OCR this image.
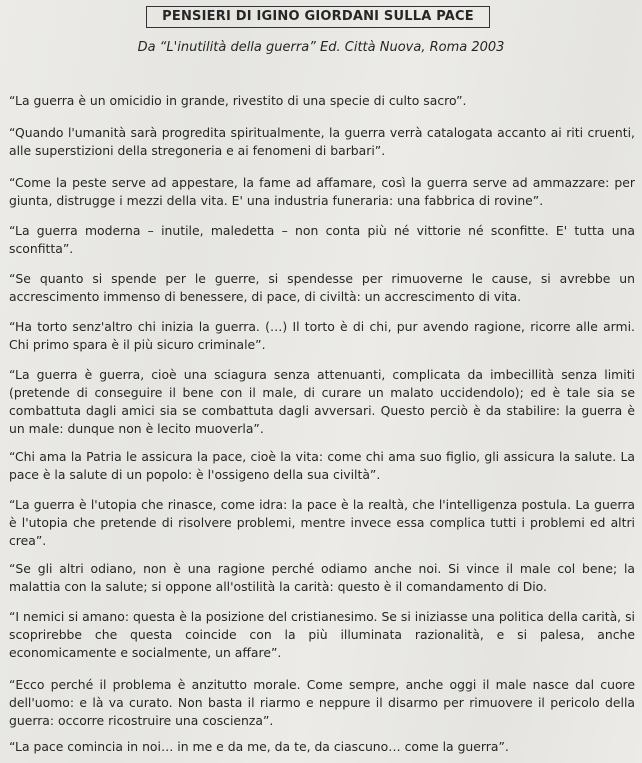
PENSIERI DI IGINO GIORDANI SULLA PACE
Da “L'inutilità della guerra” Ed. Città Nuova, Roma 2003

“La guerra è un omicidio in grande, rivestito di una specie di culto sacro”.

“Quando l'umanità sarà progredita spiritualmente, la guerra verrà catalogata accanto ai riti cruenti, alle superstizioni della stregoneria e ai fenomeni di barbari”.

“Come la peste serve ad appestare, la fame ad affamare, così la guerra serve ad ammazzare: per giunta, distrugge i mezzi della vita. E' una industria funeraria: una fabbrica di rovine”.

“La guerra moderna – inutile, maledetta – non conta più né vittorie né sconfitte. E' tutta una sconfitta”.

“Se quanto si spende per le guerre, si spendesse per rimuoverne le cause, si avrebbe un accrescimento immenso di benessere, di pace, di civiltà: un accrescimento di vita.

“Ha torto senz'altro chi inizia la guerra. (…) Il torto è di chi, pur avendo ragione, ricorre alle armi. Chi primo spara è il più sicuro criminale”.

“La guerra è guerra, cioè una sciagura senza attenuanti, complicata da imbecillità senza limiti (pretende di conseguire il bene con il male, di curare un malato uccidendolo); ed è tale sia se combattuta dagli amici sia se combattuta dagli avversari. Questo perciò è da stabilire: la guerra è un male: dunque non è lecito muoverla”.

“Chi ama la Patria le assicura la pace, cioè la vita: come chi ama suo figlio, gli assicura la salute. La pace è la salute di un popolo: è l'ossigeno della sua civiltà”.

“La guerra è l'utopia che rinasce, come idra: la pace è la realtà, che l'intelligenza postula. La guerra è l'utopia che pretende di risolvere problemi, mentre invece essa complica tutti i problemi ed altri crea”.

“Se gli altri odiano, non è una ragione perché odiamo anche noi. Si vince il male col bene; la malattia con la salute; si oppone all'ostilità la carità: questo è il comandamento di Dio.

“I nemici si amano: questa è la posizione del cristianesimo. Se si iniziasse una politica della carità, si scoprirebbe che questa coincide con la più illuminata razionalità, e si palesa, anche economicamente e socialmente, un affare”.

“Ecco perché il problema è anzitutto morale. Come sempre, anche oggi il male nasce dal cuore dell'uomo: e là va curato. Non basta il riarmo e neppure il disarmo per rimuovere il pericolo della guerra: occorre ricostruire una coscienza”.

“La pace comincia in noi… in me e da me, da te, da ciascuno… come la guerra”.
